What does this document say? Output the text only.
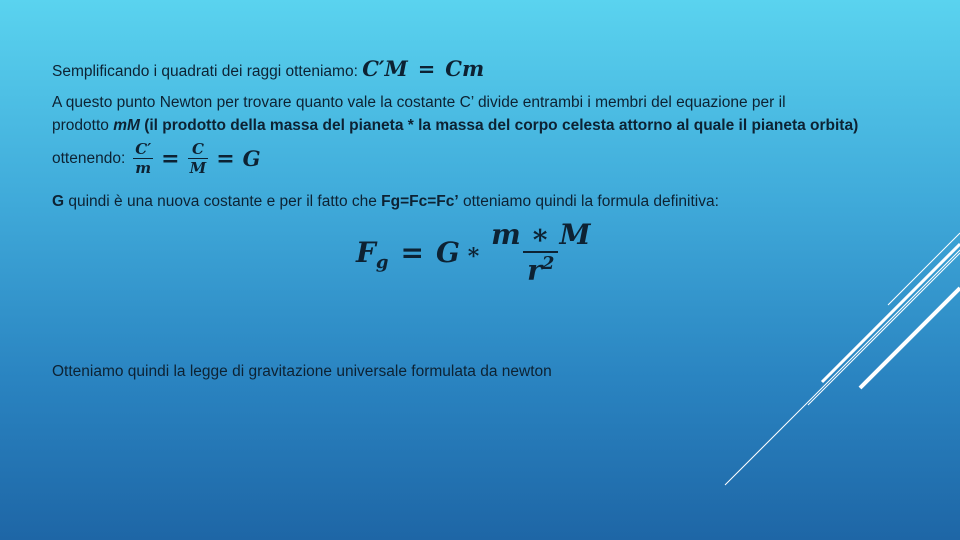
Semplificando i quadrati dei raggi otteniamo: C′M = Cm
A questo punto Newton per trovare quanto vale la costante C’ divide entrambi i membri del equazione per il
prodotto mM (il prodotto della massa del pianeta * la massa del corpo celesta attorno al quale il pianeta orbita)
ottenendo: $\frac{C'}{m} = \frac{C}{M} = G$
G quindi è una nuova costante e per il fatto che Fg=Fc=Fc’ otteniamo quindi la formula definitiva:
F g = G ∗ $\frac{m ∗ M}{r^2}$
Otteniamo quindi la legge di gravitazione universale formulata da newton
